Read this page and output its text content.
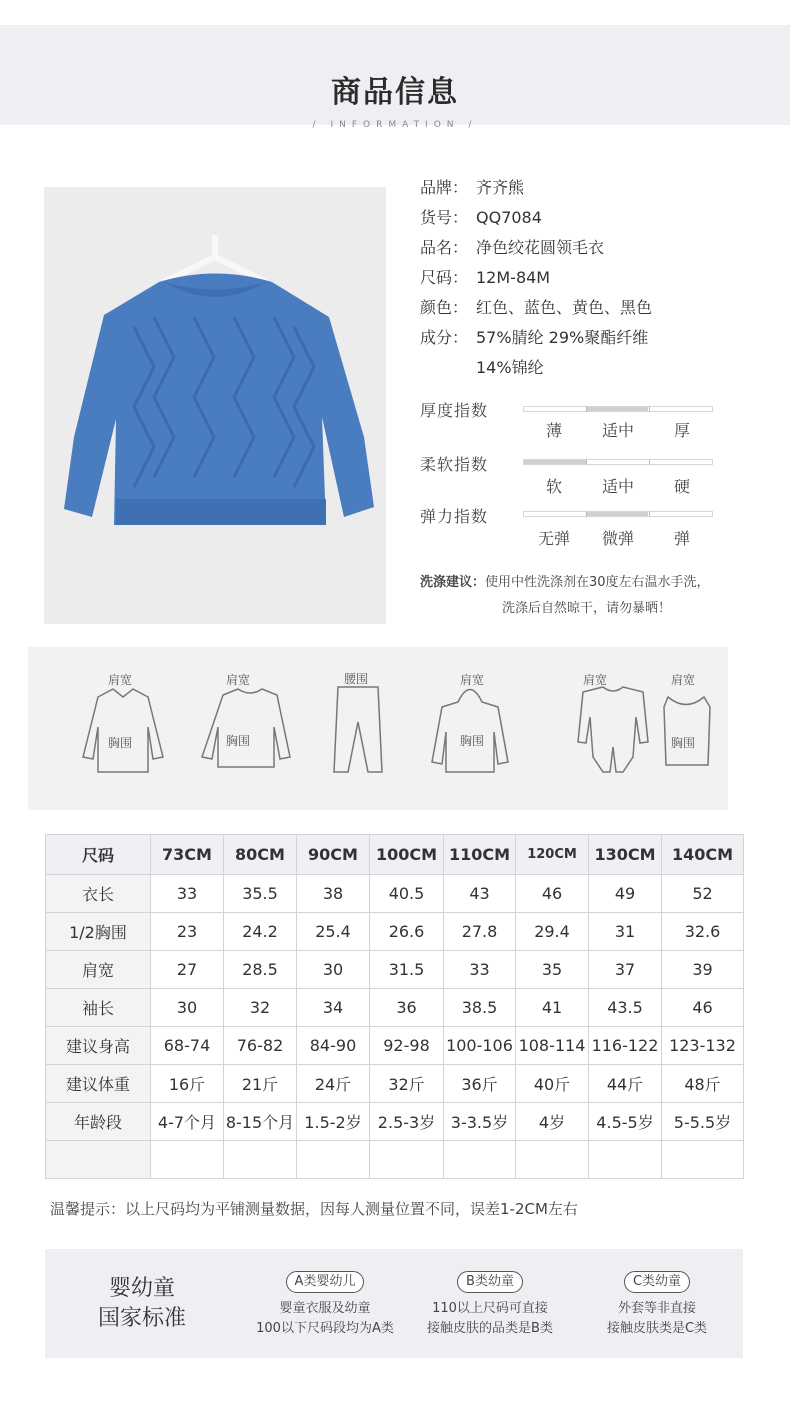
商品信息
/ INFORMATION /
品牌： 齐齐熊
货号： QQ7084
品名： 净色绞花圆领毛衣
尺码： 12M-84M
颜色： 红色、蓝色、黄色、黑色
成分： 57%腈纶 29%聚酯纤维
14%锦纶
厚度指数
薄	适中	厚
柔软指数
软	适中	硬
弹力指数
无弹	微弹	弹
洗涤建议：使用中性洗涤剂在30度左右温水手洗，
洗涤后自然晾干，请勿暴晒！
肩宽	肩宽	腰围	肩宽	肩宽	肩宽
胸围	胸围	胸围	胸围
尺码	73CM	80CM	90CM	100CM	110CM	120CM	130CM	140CM
衣长	33	35.5	38	40.5	43	46	49	52
1/2胸围	23	24.2	25.4	26.6	27.8	29.4	31	32.6
肩宽	27	28.5	30	31.5	33	35	37	39
袖长	30	32	34	36	38.5	41	43.5	46
建议身高	68-74	76-82	84-90	92-98	100-106	108-114	116-122	123-132
建议体重	16斤	21斤	24斤	32斤	36斤	40斤	44斤	48斤
年龄段	4-7个月	8-15个月	1.5-2岁	2.5-3岁	3-3.5岁	4岁	4.5-5岁	5-5.5岁

温馨提示：以上尺码均为平铺测量数据，因每人测量位置不同，误差1-2CM左右
婴幼童
国家标准
A类婴幼儿
婴童衣服及幼童
100以下尺码段均为A类
B类幼童
110以上尺码可直接
接触皮肤的品类是B类
C类幼童
外套等非直接
接触皮肤类是C类
